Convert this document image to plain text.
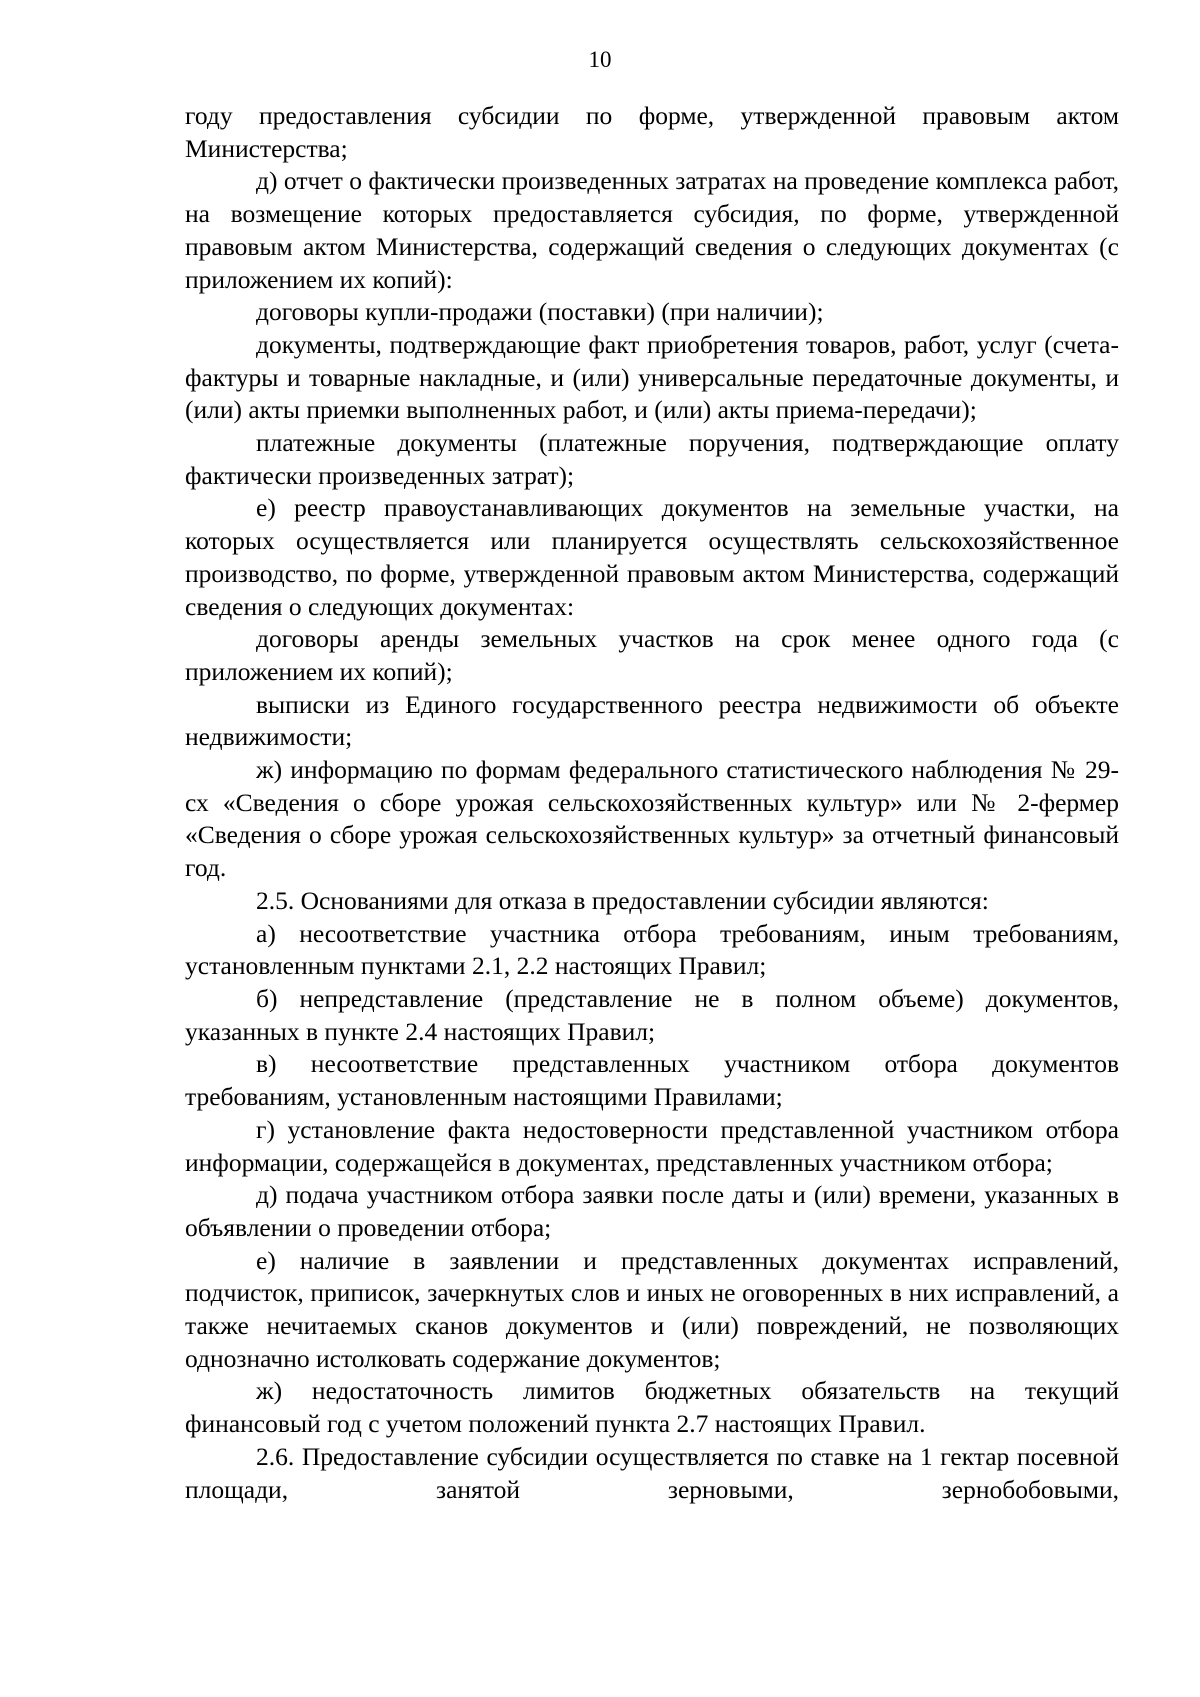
10

году предоставления субсидии по форме, утвержденной правовым актом Министерства;

д) отчет о фактически произведенных затратах на проведение комплекса работ, на возмещение которых предоставляется субсидия, по форме, утвержденной правовым актом Министерства, содержащий сведения о следующих документах (с приложением их копий):

договоры купли-продажи (поставки) (при наличии);

документы, подтверждающие факт приобретения товаров, работ, услуг (счета-фактуры и товарные накладные, и (или) универсальные передаточные документы, и (или) акты приемки выполненных работ, и (или) акты приема-передачи);

платежные документы (платежные поручения, подтверждающие оплату фактически произведенных затрат);

е) реестр правоустанавливающих документов на земельные участки, на которых осуществляется или планируется осуществлять сельскохозяйственное производство, по форме, утвержденной правовым актом Министерства, содержащий сведения о следующих документах:

договоры аренды земельных участков на срок менее одного года (с приложением их копий);

выписки из Единого государственного реестра недвижимости об объекте недвижимости;

ж) информацию по формам федерального статистического наблюдения № 29-сх «Сведения о сборе урожая сельскохозяйственных культур» или № 2-фермер «Сведения о сборе урожая сельскохозяйственных культур» за отчетный финансовый год.

2.5. Основаниями для отказа в предоставлении субсидии являются:

а) несоответствие участника отбора требованиям, иным требованиям, установленным пунктами 2.1, 2.2 настоящих Правил;

б) непредставление (представление не в полном объеме) документов, указанных в пункте 2.4 настоящих Правил;

в) несоответствие представленных участником отбора документов требованиям, установленным настоящими Правилами;

г) установление факта недостоверности представленной участником отбора информации, содержащейся в документах, представленных участником отбора;

д) подача участником отбора заявки после даты и (или) времени, указанных в объявлении о проведении отбора;

е) наличие в заявлении и представленных документах исправлений, подчисток, приписок, зачеркнутых слов и иных не оговоренных в них исправлений, а также нечитаемых сканов документов и (или) повреждений, не позволяющих однозначно истолковать содержание документов;

ж) недостаточность лимитов бюджетных обязательств на текущий финансовый год с учетом положений пункта 2.7 настоящих Правил.

2.6. Предоставление субсидии осуществляется по ставке на 1 гектар посевной площади, занятой зерновыми, зернобобовыми,
